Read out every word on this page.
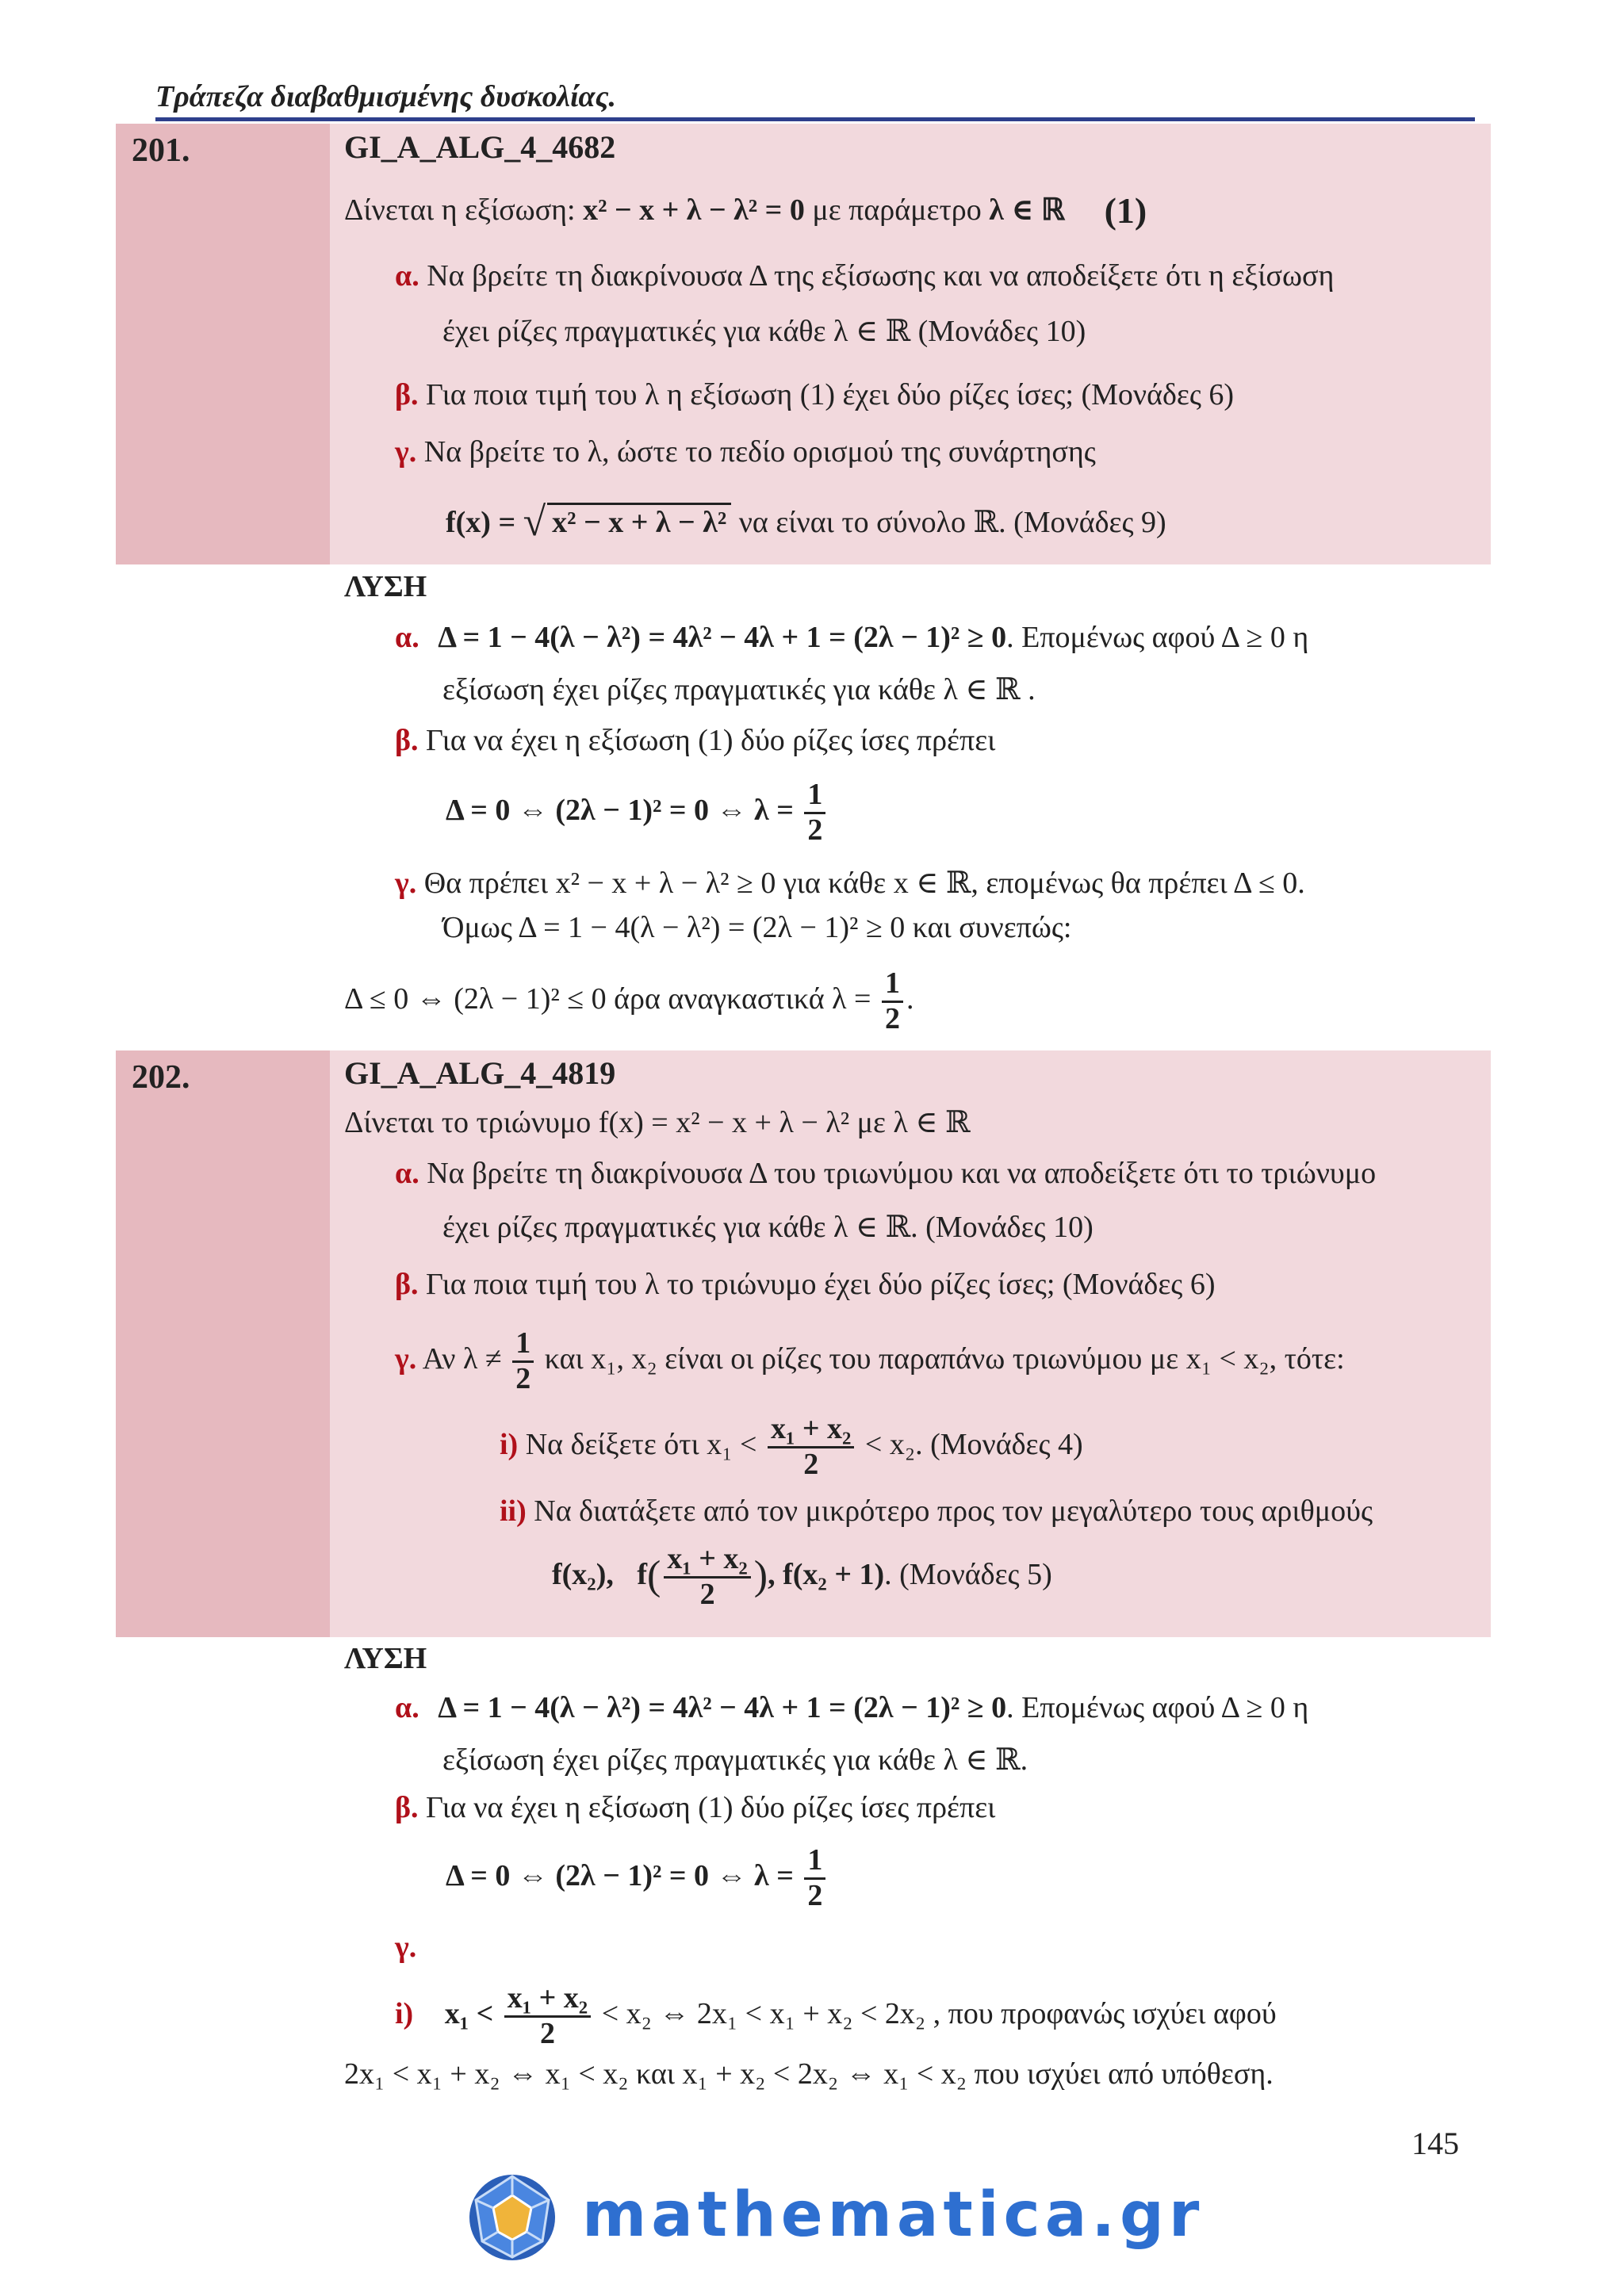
Τράπεζα διαβαθμισμένης δυσκολίας.
201.	GI_A_ALG_4_4682
Δίνεται η εξίσωση: x² − x + λ − λ² = 0 με παράμετρο λ ∈ ℝ (1)
α. Να βρείτε τη διακρίνουσα Δ της εξίσωσης και να αποδείξετε ότι η εξίσωση
έχει ρίζες πραγματικές για κάθε λ ∈ ℝ (Μονάδες 10)
β. Για ποια τιμή του λ η εξίσωση (1) έχει δύο ρίζες ίσες; (Μονάδες 6)
γ. Να βρείτε το λ, ώστε το πεδίο ορισμού της συνάρτησης
f(x) = √ x² − x + λ − λ² να είναι το σύνολο ℝ. (Μονάδες 9)
ΛΥΣΗ
α. Δ = 1 − 4(λ − λ²) = 4λ² − 4λ + 1 = (2λ − 1)² ≥ 0. Επομένως αφού Δ ≥ 0 η
εξίσωση έχει ρίζες πραγματικές για κάθε λ ∈ ℝ .
β. Για να έχει η εξίσωση (1) δύο ρίζες ίσες πρέπει
Δ = 0 ⇔ (2λ − 1)² = 0 ⇔ $\lambda = \frac{1}{2}$
γ. Θα πρέπει x² − x + λ − λ² ≥ 0 για κάθε x ∈ ℝ, επομένως θα πρέπει Δ ≤ 0.
Όμως Δ = 1 − 4(λ − λ²) = (2λ − 1)² ≥ 0 και συνεπώς:
Δ ≤ 0 ⇔ (2λ − 1)² ≤ 0 άρα αναγκαστικά $\lambda = \frac{1}{2}$ .
202.	GI_A_ALG_4_4819
Δίνεται το τριώνυμο f(x) = x² − x + λ − λ² με λ ∈ ℝ
α. Να βρείτε τη διακρίνουσα Δ του τριωνύμου και να αποδείξετε ότι το τριώνυμο
έχει ρίζες πραγματικές για κάθε λ ∈ ℝ. (Μονάδες 10)
β. Για ποια τιμή του λ το τριώνυμο έχει δύο ρίζες ίσες; (Μονάδες 6)
γ. Αν $\lambda \ne \frac{1}{2}$ και x₁, x₂ είναι οι ρίζες του παραπάνω τριωνύμου με x₁ < x₂, τότε:
i) Να δείξετε ότι $x_1 < \frac{\text{x₁ + x₂}}{2} < x_2$. (Μονάδες 4)
ii) Να διατάξετε από τον μικρότερο προς τον μεγαλύτερο τους αριθμούς
f(x₂), $f( \frac{\text{x₁ + x₂}}{2}$ ), f(x₂ + 1). (Μονάδες 5)
ΛΥΣΗ
α. Δ = 1 − 4(λ − λ²) = 4λ² − 4λ + 1 = (2λ − 1)² ≥ 0. Επομένως αφού Δ ≥ 0 η
εξίσωση έχει ρίζες πραγματικές για κάθε λ ∈ ℝ.
β. Για να έχει η εξίσωση (1) δύο ρίζες ίσες πρέπει
Δ = 0 ⇔ (2λ − 1)² = 0 ⇔ $\lambda = \frac{1}{2}$
γ.
i) $x_1 < \frac{\text{x₁ + x₂}}{2} < x_2$ ⇔ 2x₁ < x₁ + x₂ < 2x₂ , που προφανώς ισχύει αφού
2x₁ < x₁ + x₂ ⇔ x₁ < x₂ και x₁ + x₂ < 2x₂ ⇔ x₁ < x₂ που ισχύει από υπόθεση.
145
mathematica.gr
